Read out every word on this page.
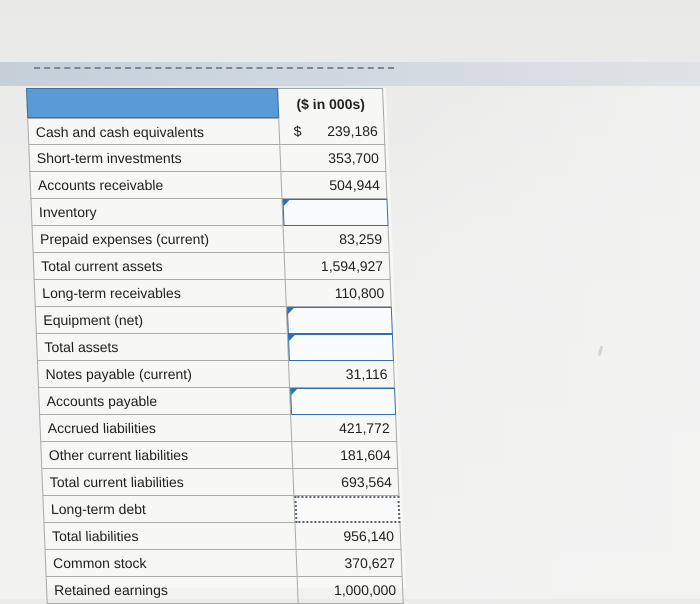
($ in 000s)
Cash and cash equivalents	$ 239,186
Short-term investments	353,700
Accounts receivable	504,944
Inventory
Prepaid expenses (current)	83,259
Total current assets	1,594,927
Long-term receivables	110,800
Equipment (net)
Total assets
Notes payable (current)	31,116
Accounts payable
Accrued liabilities	421,772
Other current liabilities	181,604
Total current liabilities	693,564
Long-term debt
Total liabilities	956,140
Common stock	370,627
Retained earnings	1,000,000
